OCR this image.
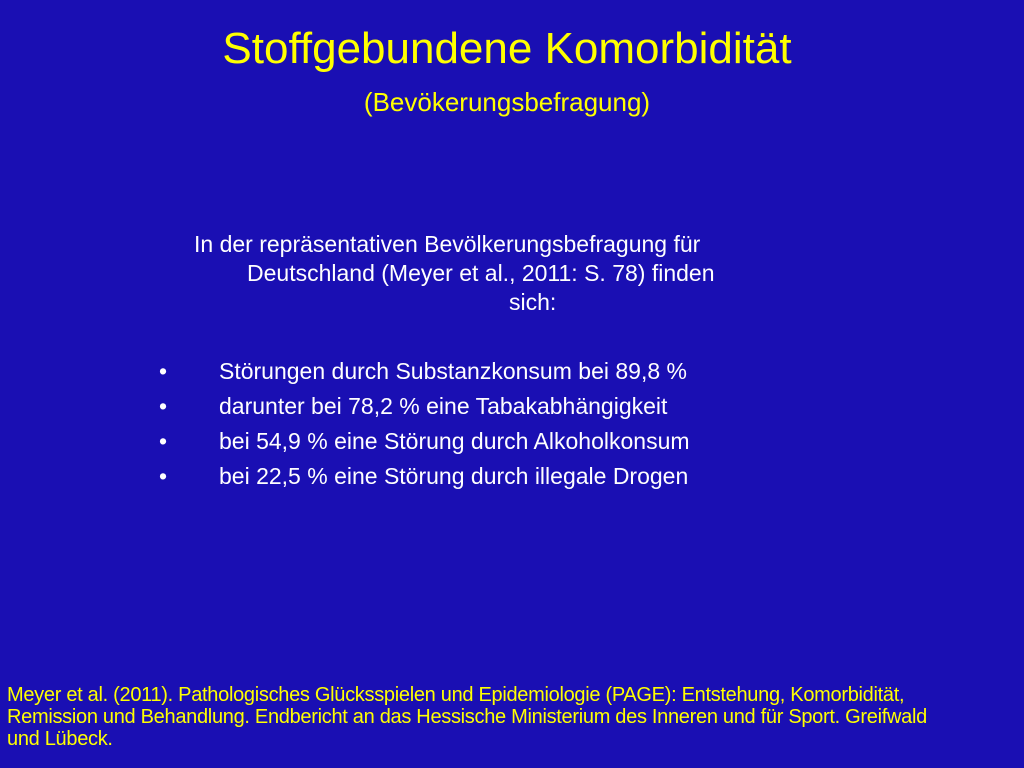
Stoffgebundene Komorbidität
(Bevökerungsbefragung)
In der repräsentativen Bevölkerungsbefragung für
Deutschland (Meyer et al., 2011: S. 78) finden
sich:
•	Störungen durch Substanzkonsum bei 89,8 %
•	darunter bei 78,2 % eine Tabakabhängigkeit
•	bei 54,9 % eine Störung durch Alkoholkonsum
•	bei 22,5 % eine Störung durch illegale Drogen
Meyer et al. (2011). Pathologisches Glücksspielen und Epidemiologie (PAGE): Entstehung, Komorbidität,
Remission und Behandlung. Endbericht an das Hessische Ministerium des Inneren und für Sport. Greifwald
und Lübeck.
